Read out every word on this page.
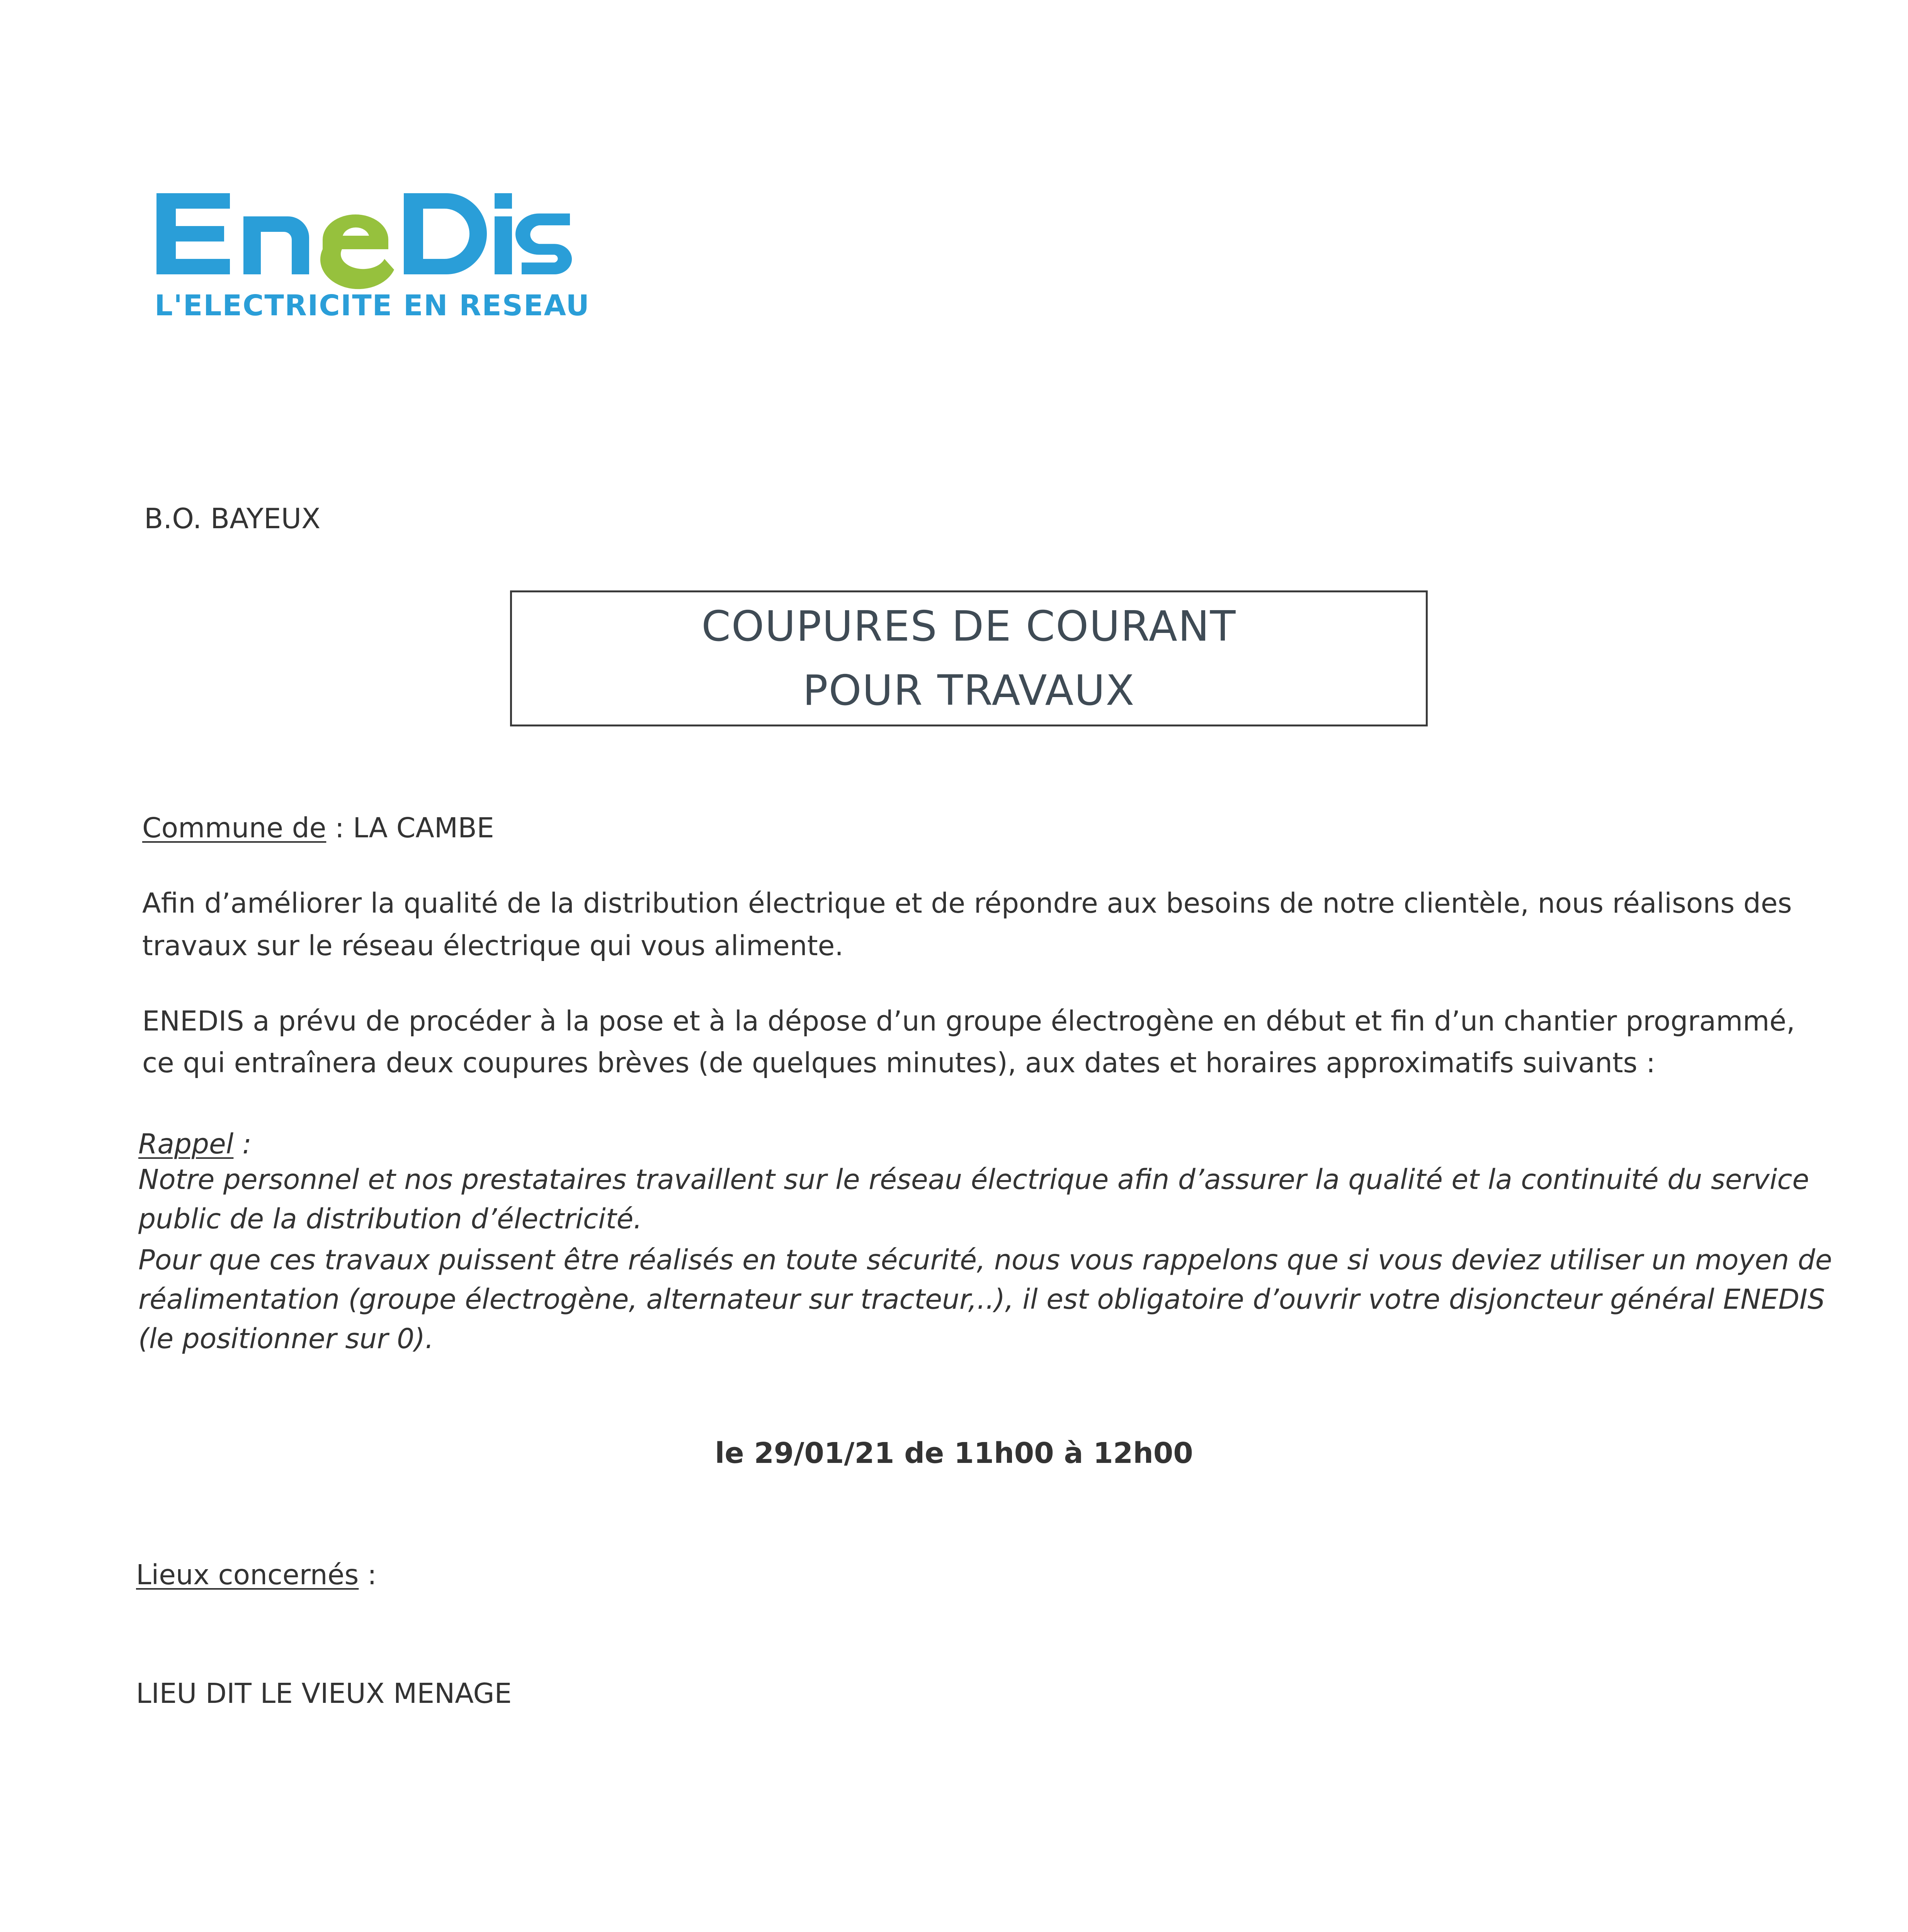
L'ELECTRICITE EN RESEAU
B.O. BAYEUX
COUPURES DE COURANT
POUR TRAVAUX
Commune de : LA CAMBE
Afin d’améliorer la qualité de la distribution électrique et de répondre aux besoins de notre clientèle, nous réalisons des
travaux sur le réseau électrique qui vous alimente.
ENEDIS a prévu de procéder à la pose et à la dépose d’un groupe électrogène en début et fin d’un chantier programmé,
ce qui entraînera deux coupures brèves (de quelques minutes), aux dates et horaires approximatifs suivants :
Rappel :
Notre personnel et nos prestataires travaillent sur le réseau électrique afin d’assurer la qualité et la continuité du service
public de la distribution d’électricité.
Pour que ces travaux puissent être réalisés en toute sécurité, nous vous rappelons que si vous deviez utiliser un moyen de
réalimentation (groupe électrogène, alternateur sur tracteur,..), il est obligatoire d’ouvrir votre disjoncteur général ENEDIS
(le positionner sur 0).
le 29/01/21 de 11h00 à 12h00
Lieux concernés :
LIEU DIT LE VIEUX MENAGE
